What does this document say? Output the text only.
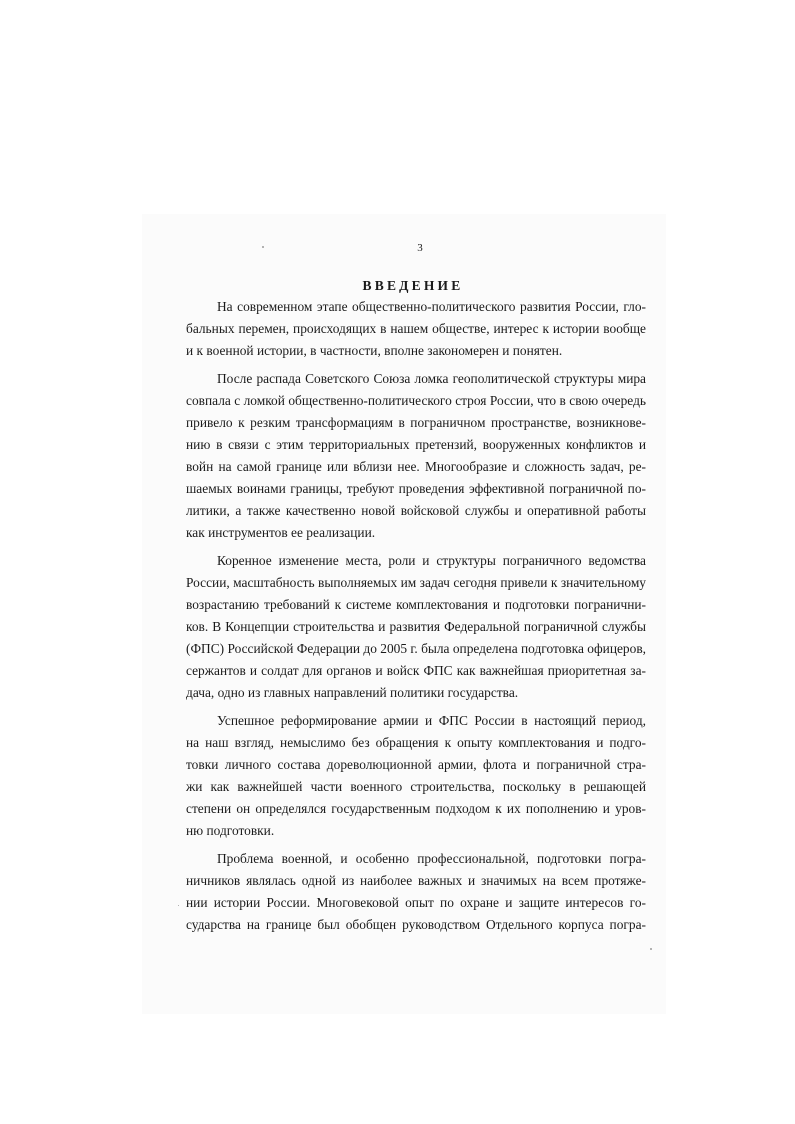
3
ВВЕДЕНИЕ

На современном этапе общественно-политического развития России, гло-
бальных перемен, происходящих в нашем обществе, интерес к истории вообще
и к военной истории, в частности, вполне закономерен и понятен.

После распада Советского Союза ломка геополитической структуры мира
совпала с ломкой общественно-политического строя России, что в свою очередь
привело к резким трансформациям в пограничном пространстве, возникнове-
нию в связи с этим территориальных претензий, вооруженных конфликтов и
войн на самой границе или вблизи нее. Многообразие и сложность задач, ре-
шаемых воинами границы, требуют проведения эффективной пограничной по-
литики, а также качественно новой войсковой службы и оперативной работы
как инструментов ее реализации.

Коренное изменение места, роли и структуры пограничного ведомства
России, масштабность выполняемых им задач сегодня привели к значительному
возрастанию требований к системе комплектования и подготовки погранични-
ков. В Концепции строительства и развития Федеральной пограничной службы
(ФПС) Российской Федерации до 2005 г. была определена подготовка офицеров,
сержантов и солдат для органов и войск ФПС как важнейшая приоритетная за-
дача, одно из главных направлений политики государства.

Успешное реформирование армии и ФПС России в настоящий период,
на наш взгляд, немыслимо без обращения к опыту комплектования и подго-
товки личного состава дореволюционной армии, флота и пограничной стра-
жи как важнейшей части военного строительства, поскольку в решающей
степени он определялся государственным подходом к их пополнению и уров-
ню подготовки.

Проблема военной, и особенно профессиональной, подготовки погра-
ничников являлась одной из наиболее важных и значимых на всем протяже-
нии истории России. Многовековой опыт по охране и защите интересов го-
сударства на границе был обобщен руководством Отдельного корпуса погра-
